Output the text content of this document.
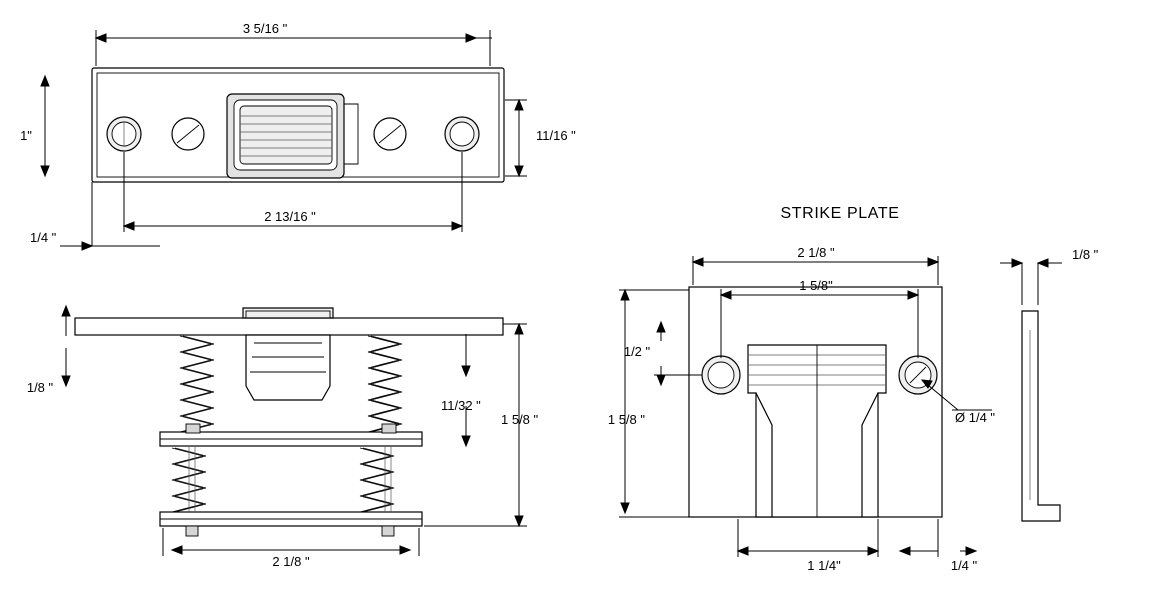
3 5/16 "
1"	11/16 "
2 13/16 "
1/4 "
1/8 "
11/32 "
1 5/8 "
2 1/8 "
STRIKE PLATE
2 1/8 "
1 5/8"
1/2 "
1 5/8 "	Ø 1/4 "
1 1/4"	1/4 "
1/8 "
